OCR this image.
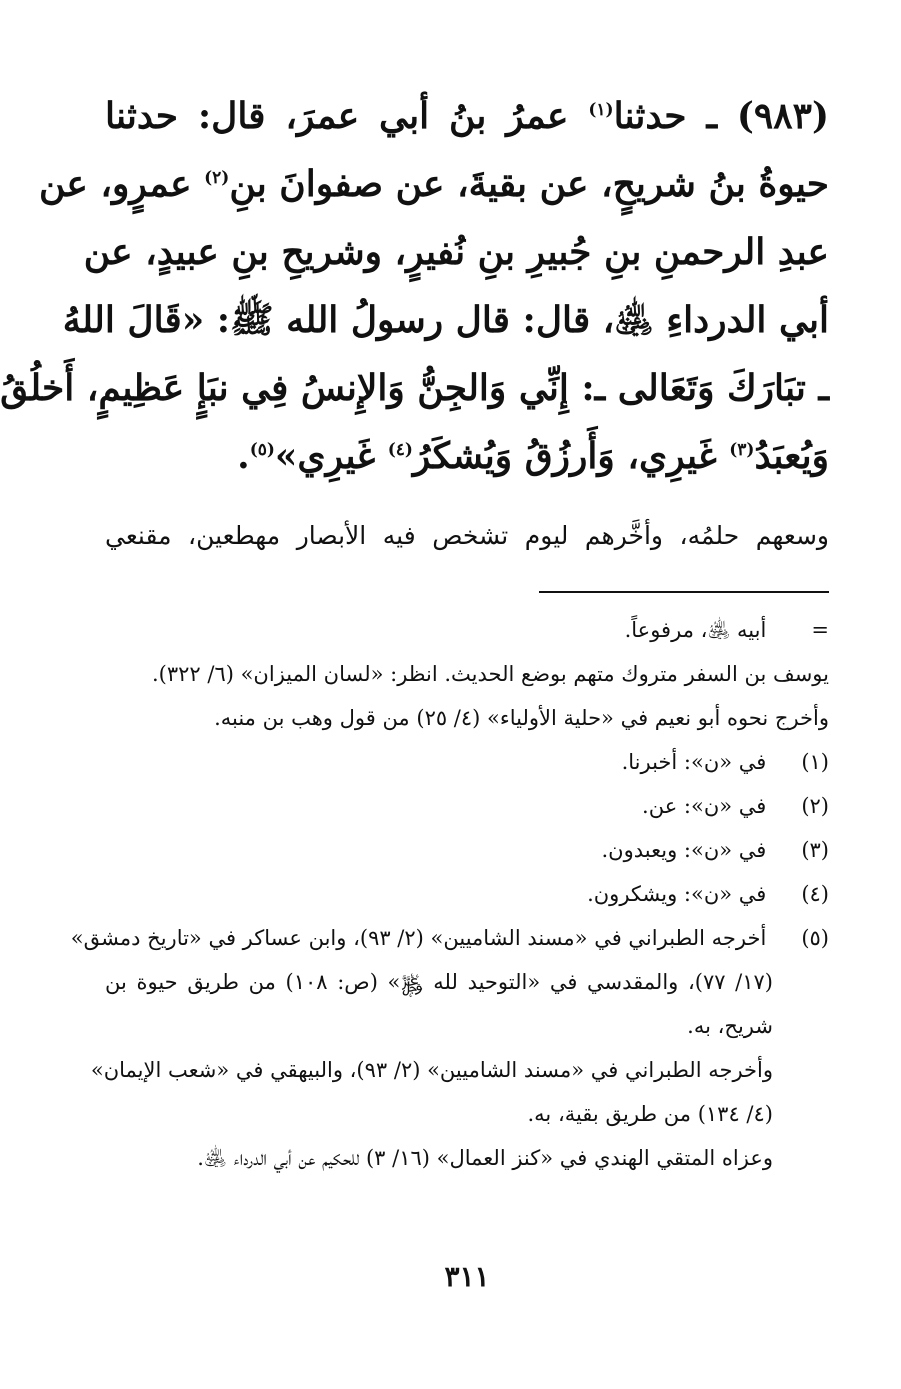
(٩٨٣) ـ حدثنا$^{(١)}$ عمرُ بنُ أبي عمرَ، قال: حدثنا
حيوةُ بنُ شريحٍ، عن بقيةَ، عن صفوانَ بنِ$^{(٢)}$ عمرٍو، عن
عبدِ الرحمنِ بنِ جُبيرِ بنِ نُفيرٍ، وشريحِ بنِ عبيدٍ، عن
أبي الدرداءِ ﵁، قال: قال رسولُ الله ﷺ: «قَالَ اللهُ
ـ تبَارَكَ وَتَعَالى ـ: إِنِّي وَالجِنُّ وَالإِنسُ فِي نبَإٍ عَظِيمٍ، أَخلُقُ
وَيُعبَدُ$^{(٣)}$ غَيرِي، وَأَرزُقُ وَيُشكَرُ$^{(٤)}$ غَيرِي»$^{(٥)}$.
وسعهم حلمُه، وأخَّرهم ليوم تشخص فيه الأبصار مهطعين، مقنعي
= أبيه ﵁، مرفوعاً.
يوسف بن السفر متروك متهم بوضع الحديث. انظر: «لسان الميزان» (٦/ ٣٢٢).
وأخرج نحوه أبو نعيم في «حلية الأولياء» (٤/ ٢٥) من قول وهب بن منبه.
(١) في «ن»: أخبرنا.
(٢) في «ن»: عن.
(٣) في «ن»: ويعبدون.
(٤) في «ن»: ويشكرون.
(٥) أخرجه الطبراني في «مسند الشاميين» (٢/ ٩٣)، وابن عساكر في «تاريخ دمشق»
(١٧/ ٧٧)، والمقدسي في «التوحيد لله ﷿» (ص: ١٠٨) من طريق حيوة بن
شريح، به.
وأخرجه الطبراني في «مسند الشاميين» (٢/ ٩٣)، والبيهقي في «شعب الإيمان»
(٤/ ١٣٤) من طريق بقية، به.
وعزاه المتقي الهندي في «كنز العمال» (١٦/ ٣) للحكيم عن أبي الدرداء ﵁.
٣١١
